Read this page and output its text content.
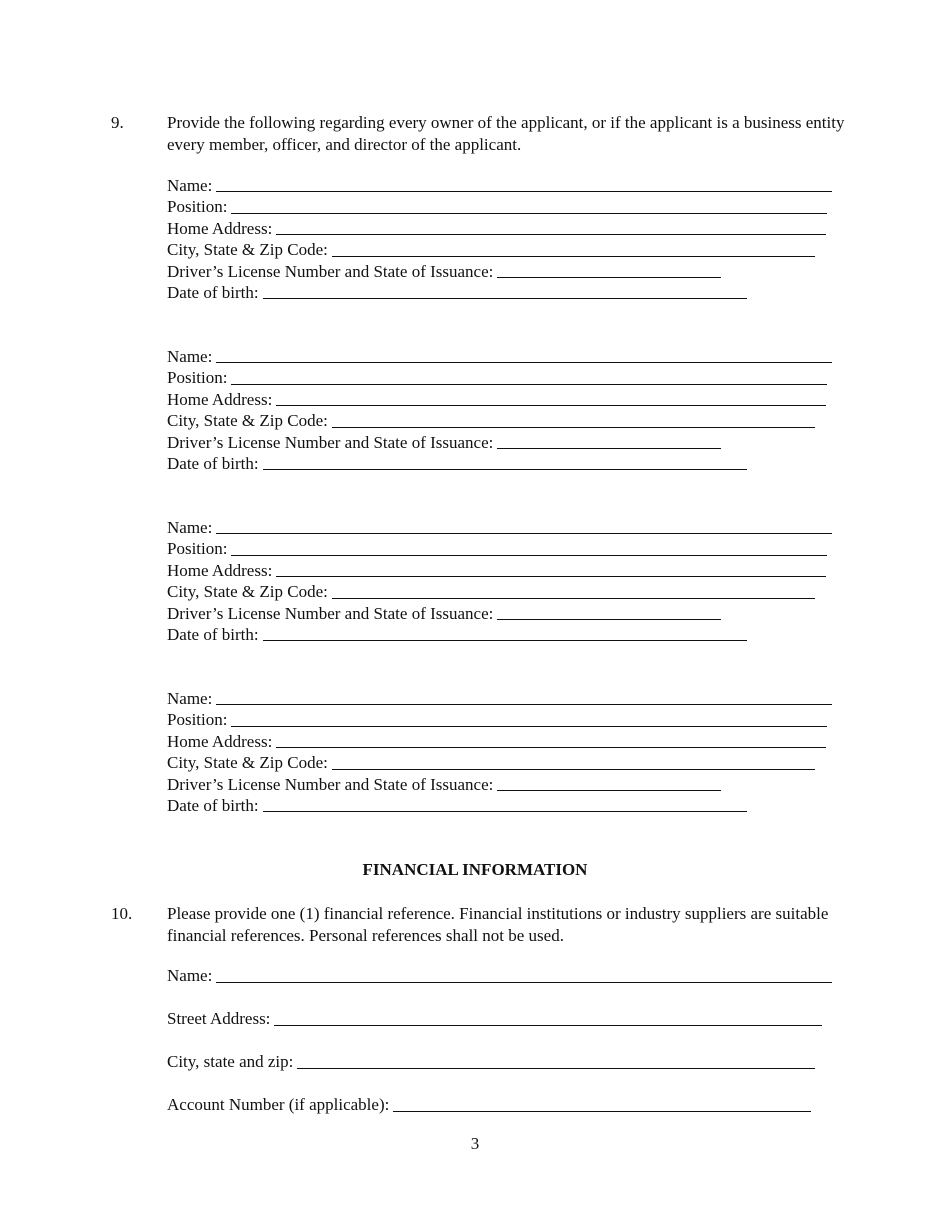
9.	Provide the following regarding every owner of the applicant, or if the applicant is a business entity every member, officer, and director of the applicant.
Name:
Position:
Home Address:
City, State & Zip Code:
Driver’s License Number and State of Issuance:
Date of birth:
Name:
Position:
Home Address:
City, State & Zip Code:
Driver’s License Number and State of Issuance:
Date of birth:
Name:
Position:
Home Address:
City, State & Zip Code:
Driver’s License Number and State of Issuance:
Date of birth:
Name:
Position:
Home Address:
City, State & Zip Code:
Driver’s License Number and State of Issuance:
Date of birth:
FINANCIAL INFORMATION
10. Please provide one (1) financial reference. Financial institutions or industry suppliers are suitable financial references. Personal references shall not be used.
Name:
Street Address:
City, state and zip:
Account Number (if applicable):
3
